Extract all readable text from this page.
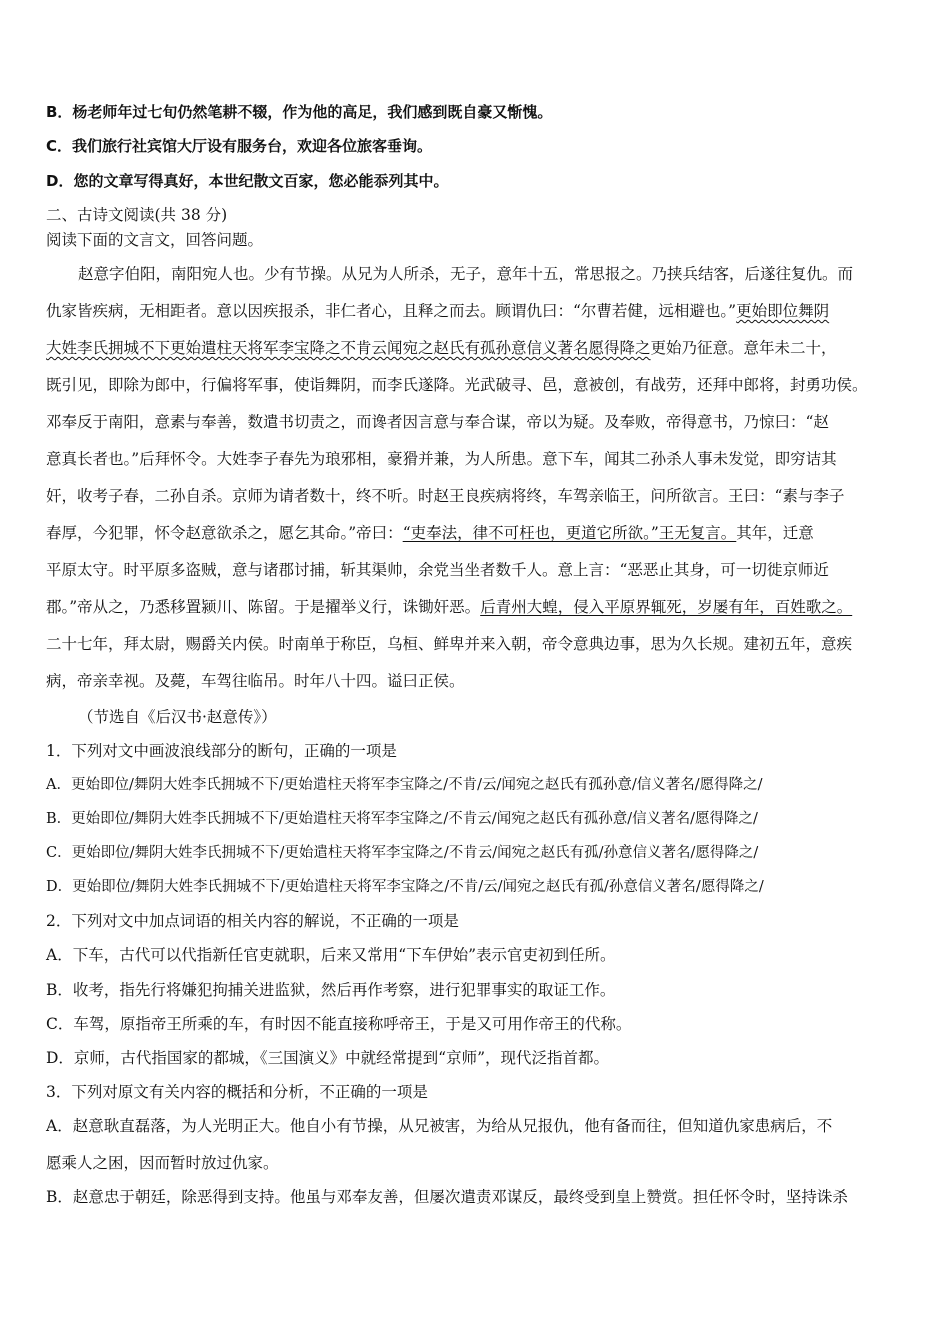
B．杨老师年过七旬仍然笔耕不辍，作为他的高足，我们感到既自豪又惭愧。
C．我们旅行社宾馆大厅设有服务台，欢迎各位旅客垂询。
D．您的文章写得真好，本世纪散文百家，您必能忝列其中。
二、古诗文阅读(共 38 分)
阅读下面的文言文，回答问题。
赵意字伯阳，南阳宛人也。少有节操。从兄为人所杀，无子，意年十五，常思报之。乃挟兵结客，后遂往复仇。而
仇家皆疾病，无相距者。意以因疾报杀，非仁者心，且释之而去。顾谓仇曰：“尔曹若健，远相避也。”更始即位舞阴
大姓李氏拥城不下更始遣柱天将军李宝降之不肯云闻宛之赵氏有孤孙意信义著名愿得降之更始乃征意。意年未二十，
既引见，即除为郎中，行偏将军事，使诣舞阴，而李氏遂降。光武破寻、邑，意被创，有战劳，还拜中郎将，封勇功侯。
邓奉反于南阳，意素与奉善，数遣书切责之，而谗者因言意与奉合谋，帝以为疑。及奉败，帝得意书，乃惊曰：“赵
意真长者也。”后拜怀令。大姓李子春先为琅邪相，豪猾并兼，为人所患。意下车，闻其二孙杀人事未发觉，即穷诘其
奸，收考子春，二孙自杀。京师为请者数十，终不听。时赵王良疾病将终，车驾亲临王，问所欲言。王曰：“素与李子
春厚，今犯罪，怀令赵意欲杀之，愿乞其命。”帝曰：“吏奉法，律不可枉也，更道它所欲。”王无复言。其年，迁意
平原太守。时平原多盗贼，意与诸郡讨捕，斩其渠帅，余党当坐者数千人。意上言：“恶恶止其身，可一切徙京师近
郡。”帝从之，乃悉移置颍川、陈留。于是擢举义行，诛锄奸恶。后青州大蝗，侵入平原界辄死，岁屡有年，百姓歌之。
二十七年，拜太尉，赐爵关内侯。时南单于称臣，乌桓、鲜卑并来入朝，帝令意典边事，思为久长规。建初五年，意疾
病，帝亲幸视。及薨，车驾往临吊。时年八十四。谥曰正侯。
（节选自《后汉书·赵意传》）
1．下列对文中画波浪线部分的断句，正确的一项是
A．更始即位/舞阴大姓李氏拥城不下/更始遣柱天将军李宝降之/不肯/云/闻宛之赵氏有孤孙意/信义著名/愿得降之/
B．更始即位/舞阴大姓李氏拥城不下/更始遣柱天将军李宝降之/不肯云/闻宛之赵氏有孤孙意/信义著名/愿得降之/
C．更始即位/舞阴大姓李氏拥城不下/更始遣柱天将军李宝降之/不肯云/闻宛之赵氏有孤/孙意信义著名/愿得降之/
D．更始即位/舞阴大姓李氏拥城不下/更始遣柱天将军李宝降之/不肯/云/闻宛之赵氏有孤/孙意信义著名/愿得降之/
2．下列对文中加点词语的相关内容的解说，不正确的一项是
A．下车，古代可以代指新任官吏就职，后来又常用“下车伊始”表示官吏初到任所。
B．收考，指先行将嫌犯拘捕关进监狱，然后再作考察，进行犯罪事实的取证工作。
C．车驾，原指帝王所乘的车，有时因不能直接称呼帝王，于是又可用作帝王的代称。
D．京师，古代指国家的都城，《三国演义》中就经常提到“京师”，现代泛指首都。
3．下列对原文有关内容的概括和分析，不正确的一项是
A．赵意耿直磊落，为人光明正大。他自小有节操，从兄被害，为给从兄报仇，他有备而往，但知道仇家患病后，不
愿乘人之困，因而暂时放过仇家。
B．赵意忠于朝廷，除恶得到支持。他虽与邓奉友善，但屡次遣责邓谋反，最终受到皇上赞赏。担任怀令时，坚持诛杀
